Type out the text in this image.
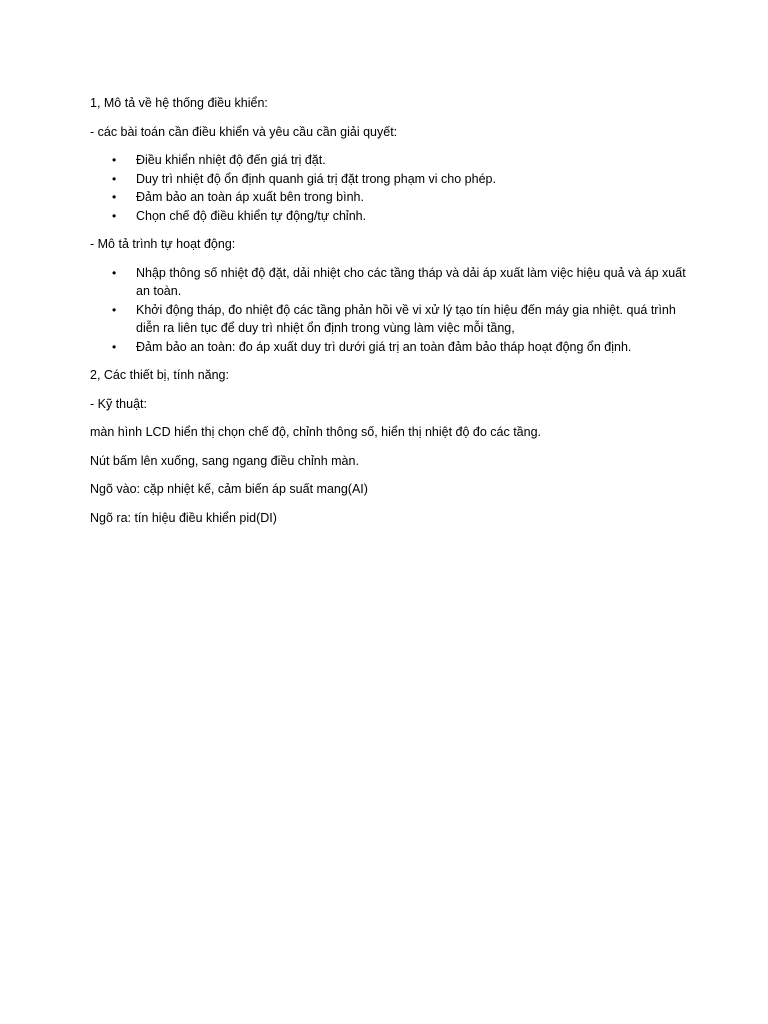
1, Mô tả về hệ thống điều khiển:

- các bài toán cần điều khiển và yêu cầu cần giải quyết:

• Điều khiển nhiệt độ đến giá trị đặt.
• Duy trì nhiệt độ ổn định quanh giá trị đặt trong phạm vi cho phép.
• Đảm bảo an toàn áp xuất bên trong bình.
• Chọn chế độ điều khiển tự động/tự chỉnh.

- Mô tả trình tự hoạt động:

• Nhập thông số nhiệt độ đặt, dải nhiệt cho các tầng tháp và dải áp xuất làm việc hiệu quả và áp xuất an toàn.
• Khởi động tháp, đo nhiệt độ các tầng phản hồi về vi xử lý tạo tín hiệu đến máy gia nhiệt. quá trình diễn ra liên tục để duy trì nhiệt ổn định trong vùng làm việc mỗi tầng,
• Đảm bảo an toàn: đo áp xuất duy trì dưới giá trị an toàn đảm bảo tháp hoạt động ổn định.

2, Các thiết bị, tính năng:

- Kỹ thuật:

màn hình LCD hiển thị chọn chế độ, chỉnh thông số, hiển thị nhiệt độ đo các tầng.

Nút bấm lên xuống, sang ngang điều chỉnh màn.

Ngõ vào: cặp nhiệt kế, cảm biến áp suất mang(AI)

Ngõ ra: tín hiệu điều khiển pid(DI)
